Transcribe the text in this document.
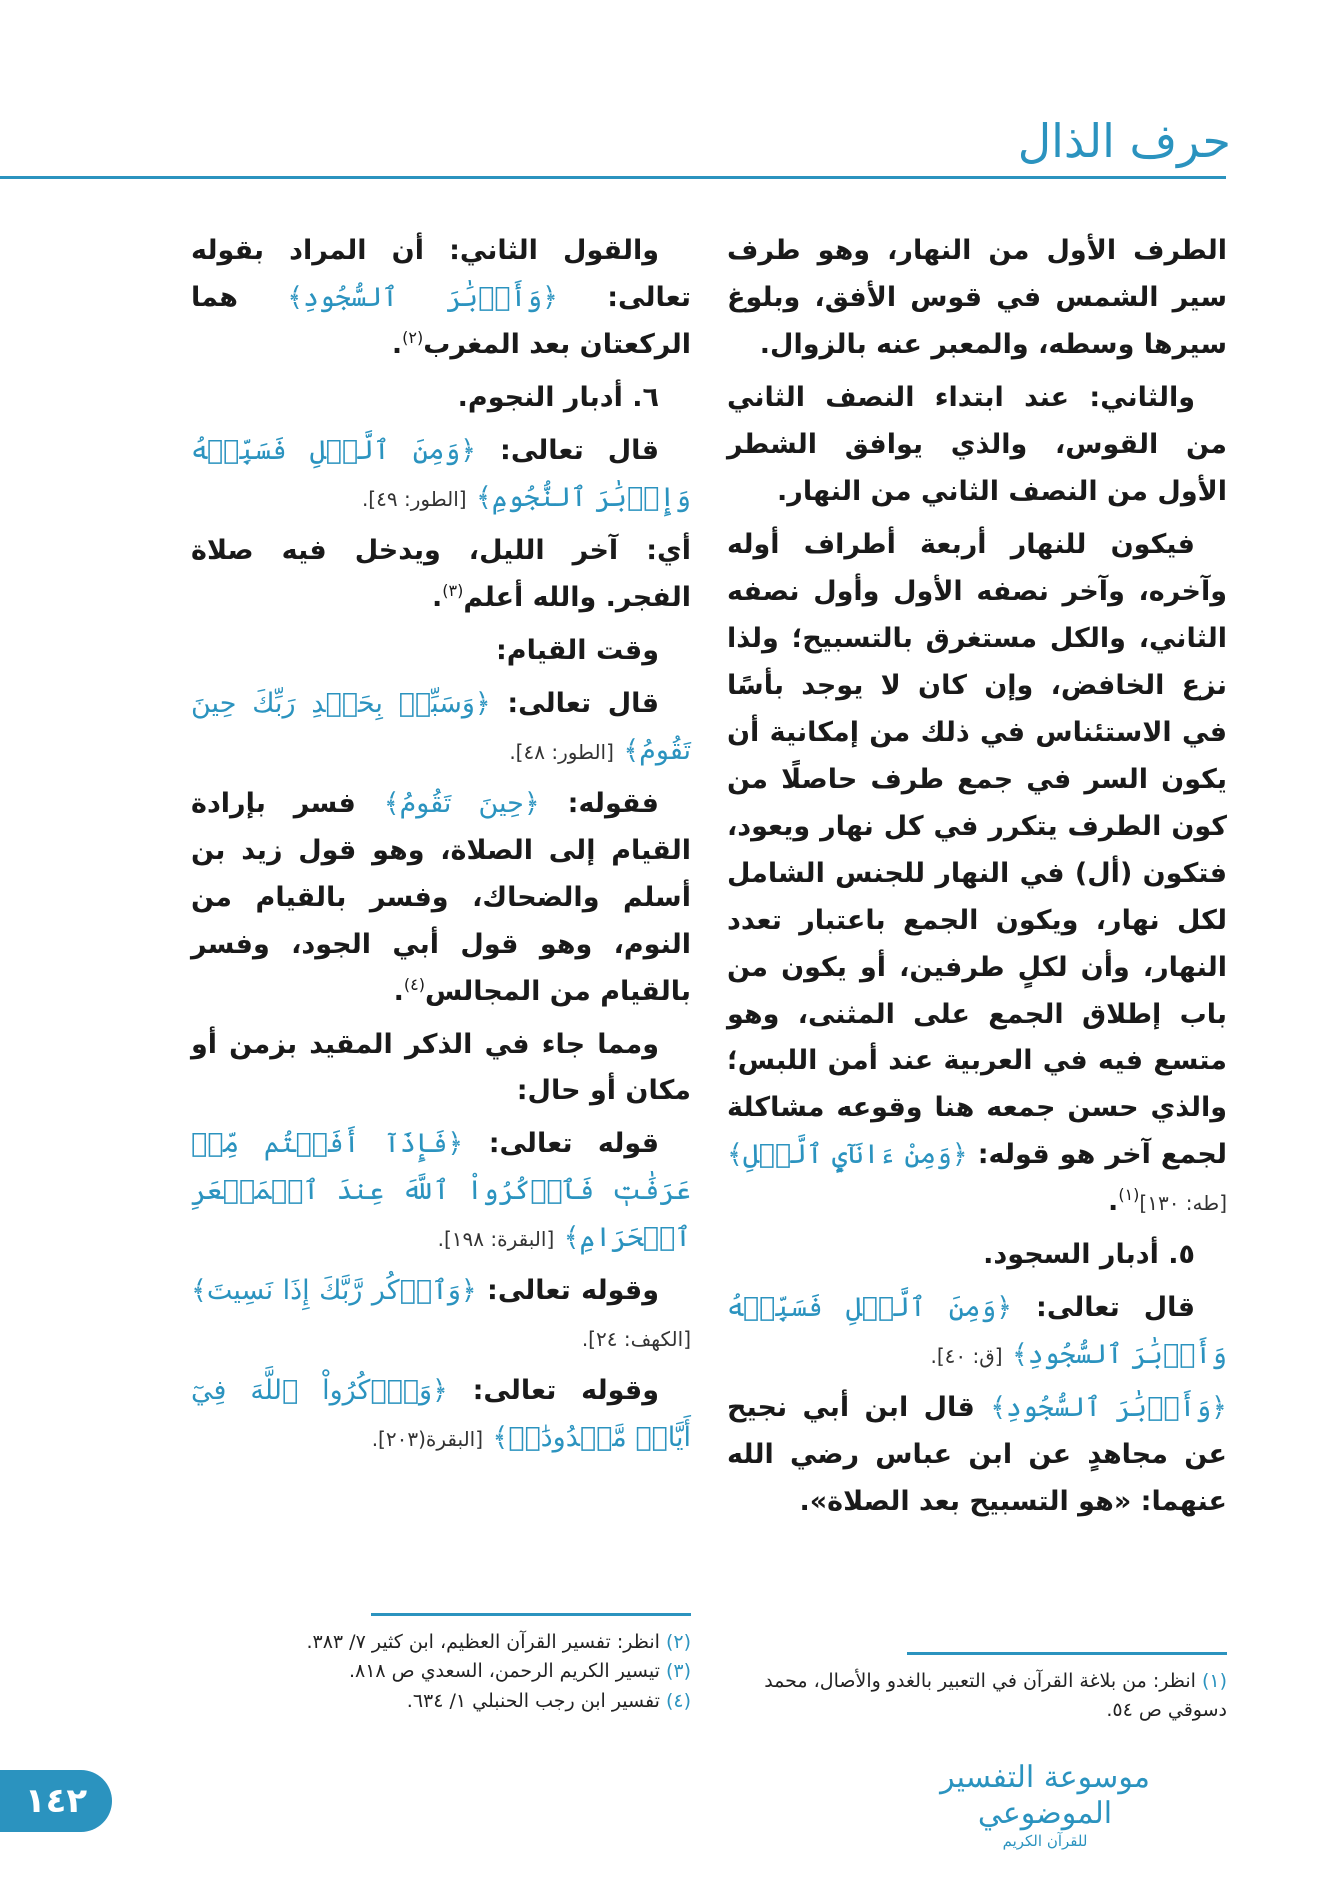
حرف الذال

الطرف الأول من النهار، وهو طرف سير الشمس في قوس الأفق، وبلوغ سيرها وسطه، والمعبر عنه بالزوال.

والثاني: عند ابتداء النصف الثاني من القوس، والذي يوافق الشطر الأول من النصف الثاني من النهار.

فيكون للنهار أربعة أطراف أوله وآخره، وآخر نصفه الأول وأول نصفه الثاني، والكل مستغرق بالتسبيح؛ ولذا نزع الخافض، وإن كان لا يوجد بأسًا في الاستئناس في ذلك من إمكانية أن يكون السر في جمع طرف حاصلًا من كون الطرف يتكرر في كل نهار ويعود، فتكون (أل) في النهار للجنس الشامل لكل نهار، ويكون الجمع باعتبار تعدد النهار، وأن لكلٍ طرفين، أو يكون من باب إطلاق الجمع على المثنى، وهو متسع فيه في العربية عند أمن اللبس؛ والذي حسن جمعه هنا وقوعه مشاكلة لجمع آخر هو قوله: ﴿وَمِنْ ءَانَآيِٕ ٱلَّيۡلِ﴾ [طه: ١٣٠]$^{(١)}$.

٥. أدبار السجود.

قال تعالى: ﴿وَمِنَ ٱلَّيۡلِ فَسَبِّحۡهُ وَأَدۡبَٰرَ ٱلسُّجُودِ﴾ [ق: ٤٠].

﴿وَأَدۡبَٰرَ ٱلسُّجُودِ﴾ قال ابن أبي نجيح عن مجاهدٍ عن ابن عباس رضي الله عنهما: «هو التسبيح بعد الصلاة».

والقول الثاني: أن المراد بقوله تعالى: ﴿وَأَدۡبَٰرَ ٱلسُّجُودِ﴾ هما الركعتان بعد المغرب$^{(٢)}$.

٦. أدبار النجوم.

قال تعالى: ﴿وَمِنَ ٱلَّيۡلِ فَسَبِّحۡهُ وَإِدۡبَٰرَ ٱلنُّجُومِ﴾ [الطور: ٤٩].

أي: آخر الليل، ويدخل فيه صلاة الفجر. والله أعلم$^{(٣)}$.

وقت القيام:

قال تعالى: ﴿وَسَبِّحۡ بِحَمۡدِ رَبِّكَ حِينَ تَقُومُ﴾ [الطور: ٤٨].

فقوله: ﴿حِينَ تَقُومُ﴾ فسر بإرادة القيام إلى الصلاة، وهو قول زيد بن أسلم والضحاك، وفسر بالقيام من النوم، وهو قول أبي الجود، وفسر بالقيام من المجالس$^{(٤)}$.

ومما جاء في الذكر المقيد بزمن أو مكان أو حال:

قوله تعالى: ﴿فَإِذَآ أَفَضۡتُم مِّنۡ عَرَفَٰتٖ فَٱذۡكُرُواْ ٱللَّهَ عِندَ ٱلۡمَشۡعَرِ ٱلۡحَرَامِ﴾ [البقرة: ١٩٨].

وقوله تعالى: ﴿وَٱذۡكُر رَّبَّكَ إِذَا نَسِيتَ﴾ [الكهف: ٢٤].

وقوله تعالى: ﴿وَٱذۡكُرُواْ ٱللَّهَ فِيٓ أَيَّامٖ مَّعۡدُودَٰتٖ﴾ [البقرة(٢٠٣].

(١) انظر: من بلاغة القرآن في التعبير بالغدو والأصال، محمد دسوقي ص ٥٤.
(٢) انظر: تفسير القرآن العظيم، ابن كثير ٧/ ٣٨٣.
(٣) تيسير الكريم الرحمن، السعدي ص ٨١٨.
(٤) تفسير ابن رجب الحنبلي ١/ ٦٣٤.
موسوعة التفسير الموضوعي
للقرآن الكريم
١٤٢
